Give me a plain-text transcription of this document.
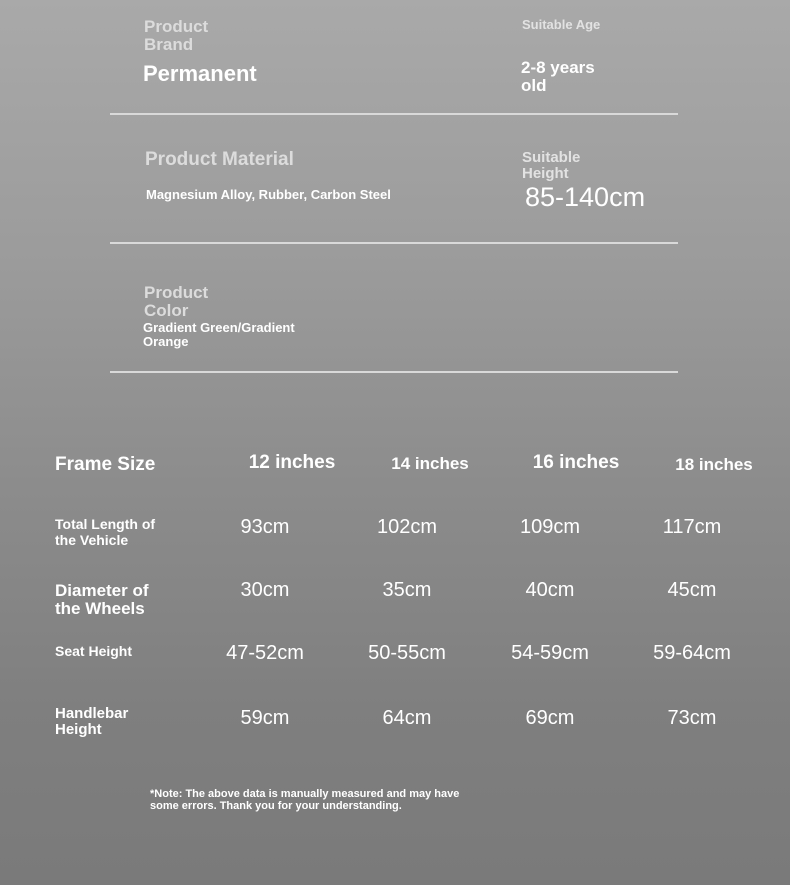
Product
Brand
Permanent
Suitable Age
2-8 years
old
Product Material
Magnesium Alloy, Rubber, Carbon Steel
Suitable
Height
85-140cm
Product
Color
Gradient Green/Gradient
Orange
Frame Size	12 inches	14 inches	16 inches	18 inches
Total Length of
the Vehicle
93cm	102cm	109cm	117cm
Diameter of
the Wheels
30cm	35cm	40cm	45cm
Seat Height	47-52cm	50-55cm	54-59cm	59-64cm
Handlebar
Height
59cm	64cm	69cm	73cm
*Note: The above data is manually measured and may have
some errors. Thank you for your understanding.
